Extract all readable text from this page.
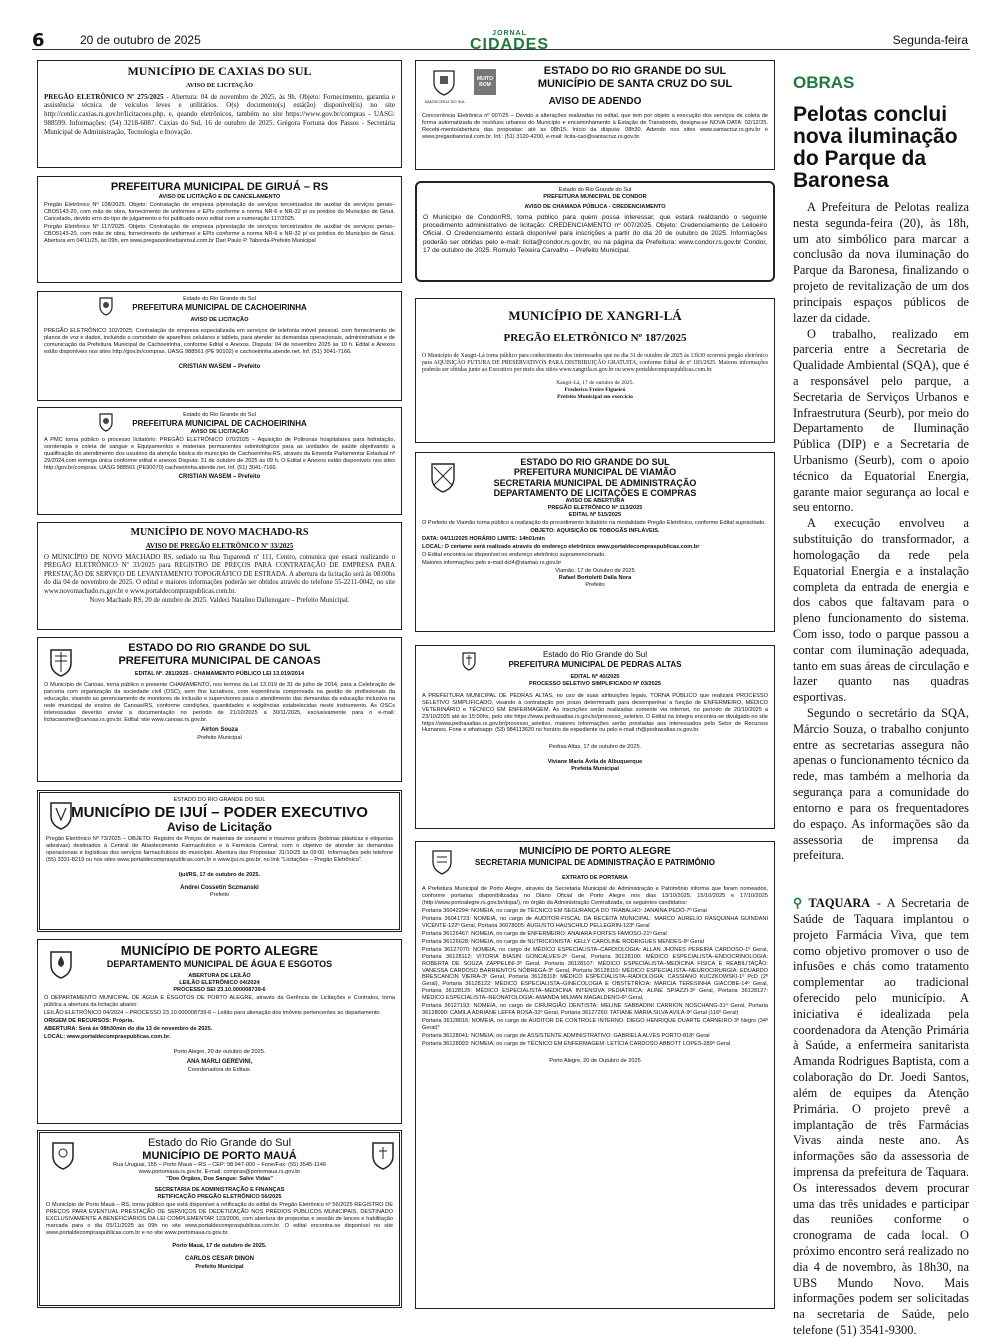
6	20 de outubro de 2025	JORNAL
CIDADES	Segunda-feira
MUNICÍPIO DE CAXIAS DO SUL
AVISO DE LICITAÇÃO

PREGÃO ELETRÔNICO Nº 275/2025 - Abertura: 04 de novembro de 2025, às 9h. Objeto: Fornecimento, garantia e assistência técnica de veículos leves e utilitários. O(s) documento(s) está(ão) disponível(is) no site http://cenlic.caxias.rs.gov.br/licitacoes.php, e, quando eletrônicos, também no site https://www.gov.br/compras - UASG: 988599. Informações: (54) 3218-6087. Caxias do Sul, 16 de outubro de 2025. Grégora Fortuna dos Passos - Secretária Municipal de Administração, Tecnologia e Inovação.

PREFEITURA MUNICIPAL DE GIRUÁ – RS
AVISO DE LICITAÇÃO E DE CANCELAMENTO

Pregão Eletrônico Nº 108/2025. Objeto: Contratação de empresa p/prestação de serviços terceirizados de auxiliar de serviços gerais–CBO5143-20, com mão de obra, fornecimento de uniformes e EPIs conforme a norma NR-6 e NR-32 p/ os prédios do Município de Giruá. Cancelado, devido erro do tipo de julgamento e foi publicado novo edital com a numeração 117/2025.

Pregão Eletrônico Nº 117/2025. Objeto: Contratação de empresa p/prestação de serviços terceirizados de auxiliar de serviços gerais–CBO5143-20, com mão de obra, fornecimento de uniformes e EPIs conforme a norma NR-6 e NR-32 p/ os prédios do Município de Giruá. Abertura em 04/11/25, às 09h, em www.pregaoonlinebanrisul.com.br Dari Paulo P. Taborda-Prefeito Municipal

Estado do Rio Grande do Sul
PREFEITURA MUNICIPAL DE CACHOEIRINHA
AVISO DE LICITAÇÃO

PREGÃO ELETRÔNICO 102/2025: Contratação de empresa especializada em serviços de telefonia móvel pessoal, com fornecimento de planos de voz e dados, incluindo o comodato de aparelhos celulares e tablets, para atender às demandas operacionais, administrativas e de comunicação da Prefeitura Municipal de Cachoeirinha, conforme Edital e Anexos. Disputa: 04 de novembro 2025 às 10 h. Edital e Anexos estão disponíveis nos sites http://gov.br/compras, UASG 988561 (PE 90102) e cachoeirinha.atende.net. Inf. (51) 3041-7166.

CRISTIAN WASEM – Prefeito
Estado do Rio Grande do Sul
PREFEITURA MUNICIPAL DE CACHOEIRINHA
AVISO DE LICITAÇÃO

A PMC torna público o processo licitatório: PREGÃO ELETRÔNICO 070/2025 – Aquisição de Poltronas hospitalares para hidratação, soroterapia e coleta de sangue e Equipamentos e materiais permanentes odontológicos para as unidades de saúde objetivando a qualificação do atendimento dos usuários da atenção básica do município de Cachoeirinha-RS, através da Emenda Parlamentar Estadual nº 29/2024,com entrega única conforme edital e anexos Disputa: 31 de outubro de 2025 às 09 h. O Edital e Anexos estão disponíveis nos sites http://gov.br/compras, UASG 988561 (PE90070) cachoeirinha.atende.net. Inf. (51) 3041-7166.

CRISTIAN WASEM – Prefeito
MUNICÍPIO DE NOVO MACHADO-RS
AVISO DE PREGÃO ELETRÔNICO Nº 33/2025

O MUNICÍPIO DE NOVO MACHADO RS, sediado na Rua Tuparendi nº 111, Centro, comunica que estará realizando o PREGÃO ELETRÔNICO Nº 33/2025 para REGISTRO DE PREÇOS PARA CONTRATAÇÃO DE EMPRESA PARA PRESTAÇÃO DE SERVIÇO DE LEVANTAMENTO TOPOGRÁFICO DE ESTRADA. A abertura da licitação será às 08:00hs do dia 04 de novembro de 2025. O edital e maiores informações poderão ser obtidos através do telefone 55-2211-0042, no site www.novomachado.rs.gov.br e www.portaldecompraspublicas.com.br.

Novo Machado RS, 20 de outubro de 2025. Valdeci Natalino Dallenogare – Prefeito Municipal.
ESTADO DO RIO GRANDE DO SUL
PREFEITURA MUNICIPAL DE CANOAS
EDITAL Nº. 281/2025 - CHAMAMENTO PÚBLICO LEI 13.019/2014

O Município de Canoas, torna público o presente CHAMAMENTO, nos termos da Lei 13.019 de 31 de julho de 2014, para a Celebração de parceria com organização da sociedade civil (OSC), sem fins lucrativos, com experiência comprovada na gestão de profissionais da educação, visando ao gerenciamento de monitores de inclusão e supervisores para o atendimento das demandas da educação inclusiva na rede municipal de ensino de Canoas/RS, conforme condições, quantidades e exigências estabelecidas neste instrumento. As OSCs interessadas deverão enviar a documentação no período de 21/10/2025 a 30/11/2025, exclusivamente para o e-mail: licitacaosme@canoas.rs.gov.br. Edital: site www.canoas.rs.gov.br.

Airton Souza
Prefeito Municipal
ESTADO DO RIO GRANDE DO SUL
MUNICÍPIO DE IJUÍ – PODER EXECUTIVO
Aviso de Licitação

Pregão Eletrônico Nº 73/2025 – OBJETO: Registro de Preços de materiais de consumo e insumos gráficos (bobinas plásticas e etiquetas adesivas) destinados à Central de Abastecimento Farmacêutico e à Farmácia Central, com o objetivo de atender às demandas operacionais e logísticas dos serviços farmacêuticos do município. Abertura das Propostas: 31/10/25 às 09:00. Informações pelo telefone (55) 3331-8219 ou nos sites www.portaldecompraspublicas.com.br e www.ijui.rs.gov.br, no link "Licitações – Pregão Eletrônico".

Ijuí/RS, 17 de outubro de 2025.
Andrei Cossetin Sczmanski
Prefeito
MUNICÍPIO DE PORTO ALEGRE
DEPARTAMENTO MUNICIPAL DE ÁGUA E ESGOTOS
ABERTURA DE LEILÃO
LEILÃO ELETRÔNICO 04/2024
PROCESSO SEI 23.10.000008739-6

O DEPARTAMENTO MUNICIPAL DE ÁGUA E ESGOTOS DE PORTO ALEGRE, através da Gerência de Licitações e Contratos, torna pública a abertura da licitação abaixo:

LEILÃO ELETRÔNICO 04/2024 – PROCESSO 23.10.000008739-6 – Leilão para alienação dos imóveis pertencentes ao departamento.

ORIGEM DE RECURSOS: Própria.

ABERTURA: Será às 08h30min do dia 13 de novembro de 2025.

LOCAL: www.portaldecompraspublicas.com.br.

Porto Alegre, 20 de outubro de 2025.
ANA MARLI GEREVINI,
Coordenadora de Editais.
Estado do Rio Grande do Sul
MUNICÍPIO DE PORTO MAUÁ
Rua Uruguai, 155 – Porto Mauá – RS – CEP: 98.947-000 – Fone/Fax: (55) 3545-1146
www.portomaua.rs.gov.br. E-mail: compras@portomaua.rs.gov.br
"Doe Órgãos, Doe Sangue: Salve Vidas"
SECRETARIA DE ADMINISTRAÇÃO E FINANÇAS
RETIFICAÇÃO PREGÃO ELETRÔNICO 56/2025

O Município de Porto Mauá – RS, torna público que está disponível a retificação do edital de Pregão Eletrônico nº 56/2025 REGISTRO DE PREÇOS PARA EVENTUAL PRESTAÇÃO DE SERVIÇOS DE DEDETIZAÇÃO NOS PRÉDIOS PÚBLICOS MUNICIPAIS, DESTINADO EXCLUSIVAMENTE A BENEFICIÁRIOS DA LEI COMPLEMENTAR 123/2006, com abertura de propostas e sessão de lances e habilitação marcada para o dia 05/11/2025 às 09h no site www.portaldecompraspublicas.com.br. O edital encontra-se disponível no site www.portaldecompraspublicas.com.br e no site www.portomaua.rs.gov.br.

Porto Mauá, 17 de outubro de 2025.
CARLOS CESAR DINON
Prefeito Municipal
SANTA CRUZ DO SUL
MUITO BOM
ESTADO DO RIO GRANDE DO SUL
MUNICÍPIO DE SANTA CRUZ DO SUL
AVISO DE ADENDO

Concorrência Eletrônica nº 007/25 – Devido a alterações realizadas no edital, que tem por objeto a execução dos serviços de coleta de forma automatizada de resíduos urbanos do Município e encaminhamento à Estação de Transbordo, designa-se NOVA DATA: 02/12/25. Recebi-mento/abertura das propostas: até as 08h15. Início da disputa: 08h30. Adendo nos sites www.santacruz.rs.gov.br e www.pregaobanrisul.com.br. Inf.: (51) 3120-4200, e-mail: licita-cao@santacruz.rs.gov.br.

Estado do Rio Grande do Sul
PREFEITURA MUNICIPAL DE CONDOR
AVISO DE CHAMADA PÚBLICA - CREDENCIAMENTO

O Município de Condor/RS, torna público para quem possa interessar, que estará realizando o seguinte procedimento administrativo de licitação: CREDENCIAMENTO nº 007/2025. Objeto: Credenciamento de Leiloeiro Oficial. O Credenciamento estará disponível para inscrições a partir do dia 20 de outubro de 2025. Informações poderão ser obtidas pelo e-mail: licita@condor.rs.gov.br, ou na página da Prefeitura: www.condor.rs.gov.br Condor, 17 de outubro de 2025. Romulo Teixeira Carvalho – Prefeito Municipal.

MUNICÍPIO DE XANGRI-LÁ
PREGÃO ELETRÔNICO Nº 187/2025

O Município de Xangri-Lá torna público para conhecimento dos interessados que no dia 31 de outubro de 2025 às 13h30 ocorrerá pregão eletrônico para AQUISIÇÃO FUTURA DE PRESERVATIVOS PARA DISTRIBUIÇÃO GRATUITA, conforme Edital de nº 183/2025. Maiores informações poderão ser obtidas junto ao Executivo por meio dos sitios www.xangrila.rs.gov.br ou www.portaldecompraspublicas.com.br.

Xangri-Lá, 17 de outubro de 2025.
Frederico Freire Figueiró
Prefeito Municipal em exercício
ESTADO DO RIO GRANDE DO SUL
PREFEITURA MUNICIPAL DE VIAMÃO
SECRETARIA MUNICIPAL DE ADMINISTRAÇÃO
DEPARTAMENTO DE LICITAÇÕES E COMPRAS
AVISO DE ABERTURA
PREGÃO ELETRÔNICO Nº 113/2025
EDITAL Nº 515/2025

O Prefeito de Viamão torna público a realização do procedimento licitatório na modalidade Pregão Eletrônico, conforme Edital supracitado.

OBJETO: AQUISIÇÃO DE TOBOGÃS INFLÁVEIS.

DATA: 04/11/2025 HORÁRIO LIMITE: 14h01min

LOCAL: O certame será realizado através do endereço eletrônico www.portaldecompraspublicas.com.br

O Edital encontra-se disponível no endereço eletrônico supramencionado.

Maiores informações pelo e-mail dcl4@viamao.rs.gov.br

Viamão, 17 de Outubro de 2025
Rafael Bortoletti Dalla Nora
Prefeito
Estado do Rio Grande do Sul
PREFEITURA MUNICIPAL DE PEDRAS ALTAS
EDITAL Nº 40/2025
PROCESSO SELETIVO SIMPLIFICADO Nº 03/2025

A PREFEITURA MUNICIPAL DE PEDRAS ALTAS, no uso de suas atribuições legais, TORNA PÚBLICO que realizará PROCESSO SELETIVO SIMPLIFICADO, visando à contratação por prazo determinado para desempenhar a função de ENFERMEIRO, MÉDICO VETERINÁRIO e TÉCNICO EM ENFERMAGEM. As inscrições serão realizadas somente via internet, no período de 20/10/2025 a 23/10/2025 até às 15:00hs, pelo site https://www.pedrasaltas.rs.gov.br/processo_seletivo. O Edital na íntegra encontra-se divulgado no site https://www.pedrasaltas.rs.gov.br/processo_seletivo, maiores informações serão prestadas aos interessados pelo Setor de Recursos Humanos, Fone e whatsapp: (53) 984113620 no horário de expediente ou pelo e-mail rh@pedrasaltas.rs.gov.br.

Pedras Altas, 17 de outubro de 2025.
Viviane Maria Ávila de Albuquerque
Prefeita Municipal
MUNICÍPIO DE PORTO ALEGRE
SECRETARIA MUNICIPAL DE ADMINISTRAÇÃO E PATRIMÔNIO
EXTRATO DE PORTARIA

A Prefeitura Municipal de Porto Alegre, através da Secretaria Municipal de Administração e Patrimônio informa que foram nomeados, conforme portarias disponibilizadas no Diário Oficial de Porto Alegre nos dias 13/10/2025, 15/10/2025 e 17/10/2025 (http://www.portoalegre.rs.gov.br/dopa/), no órgão da Administração Centralizada, os seguintes candidatos:

Portaria 36042294: NOMEIA, no cargo de TÉCNICO EM SEGURANÇA DO TRABALHO: JANAINA PEDÓ-7º Geral

Portaria 36041723: NOMEIA, no cargo de AUDITOR-FISCAL DA RECEITA MUNICIPAL: MARCO AURELIO RASQUINHA GUINDANI VICENTE-122º Geral, Portaria 36078005: AUGUSTO HAUSCHILD PELLEGRIN-123º Geral

Portaria 36126467: NOMEIA, no cargo de ENFERMEIRO: ANAIARA FORTES FAMOSO-21º Geral

Portaria 36126628: NOMEIA, no cargo de NUTRICIONISTA: KELLY CAROLINE RODRIGUES MENDES-9º Geral

Portaria 36127070: NOMEIA, no cargo de MÉDICO ESPECIALISTA–CARDIOLOGIA: ALLAN JHONES PEREIRA CARDOSO-1º Geral, Portaria 36128112: VITORIA BIASIN GONCALVES-2º Geral, Portaria 36128100: MÉDICO ESPECIALISTA–ENDOCRINOLOGIA: ROBERTA DE SOUZA ZAPPELINI-3º Geral, Portaria 36128107: MÉDICO ESPECIALISTA–MEDICINA FÍSICA E REABILITAÇÃO: VANESSA CARDOSO BARRIENTOS NÓBREGA-3º Geral, Portaria 36128110: MÉDICO ESPECIALISTA–NEUROCIRURGIA: EDUARDO BRESCANCIN VIEIRA-3º Geral, Portaria 36128118: MÉDICO ESPECIALISTA–RADIOLOGIA: CASSIANO KUCZKOWSKI-1º PcD (2º Geral), Portaria 36128122: MÉDICO ESPECIALISTA–GINECOLOGIA E OBSTETRÍCIA: MARCIA TERESINHA GIACOBE-14º Geral, Portaria 36128125: MÉDICO ESPECIALISTA–MEDICINA INTENSIVA PEDIÁTRICA: ALINE SPIAZZI-3º Geral, Portaria 36128127: MÉDICO ESPECIALISTA–NEONATOLOGIA: AMANDA MILMAN MAGALDENO-6º Geral,

Portaria 36127193: NOMEIA, no cargo de CIRURGIÃO DENTISTA: MELINE SABBADINI CARRION NOSCHANG-31º Geral, Portaria 36128090: CAMILA ADRIANE LEFFA ROSA-32º Geral, Portaria 36127260: TATIANE MARIA SILVA AVILA-9º Geral (116º Geral)

Portaria 36128016: NOMEIA, no cargo de AUDITOR DE CONTROLE INTERNO: DIEGO HENRIQUE DUARTE CARNEIRO-3º Negro (34º Geral)*

Portaria 36128041: NOMEIA, no cargo de ASSISTENTE ADMINISTRATIVO: GABRIELA ALVES PORTO-818º Geral

Portaria 36128093: NOMEIA, no cargo de TÉCNICO EM ENFERMAGEM: LETÍCIA CARDOSO ABBOTT LOPES-289º Geral

Porto Alegre, 20 de Outubro de 2025
OBRAS
Pelotas conclui nova iluminação do Parque da Baronesa

A Prefeitura de Pelotas realiza nesta segunda-feira (20), às 18h, um ato simbólico para marcar a conclusão da nova iluminação do Parque da Baronesa, finalizando o projeto de revitalização de um dos principais espaços públicos de lazer da cidade.

O trabalho, realizado em parceria entre a Secretaria de Qualidade Ambiental (SQA), que é a responsável pelo parque, a Secretaria de Serviços Urbanos e Infraestrutura (Seurb), por meio do Departamento de Iluminação Pública (DIP) e a Secretaria de Urbanismo (Seurb), com o apoio técnico da Equatorial Energia, garante maior segurança ao local e seu entorno.

A execução envolveu a substituição do transformador, a homologação da rede pela Equatorial Energia e a instalação completa da entrada de energia e dos cabos que faltavam para o pleno funcionamento do sistema. Com isso, todo o parque passou a contar com iluminação adequada, tanto em suas áreas de circulação e lazer quanto nas quadras esportivas.

Segundo o secretário da SQA, Márcio Souza, o trabalho conjunto entre as secretarias assegura não apenas o funcionamento técnico da rede, mas também a melhoria da segurança para a comunidade do entorno e para os frequentadores do espaço. As informações são da assessoria de imprensa da prefeitura.

⚲ TAQUARA - A Secretaria de Saúde de Taquara implantou o projeto Farmácia Viva, que tem como objetivo promover o uso de infusões e chás como tratamento complementar ao tradicional oferecido pelo município. A iniciativa é idealizada pela coordenadora da Atenção Primária à Saúde, a enfermeira sanitarista Amanda Rodrigues Baptista, com a colaboração do Dr. Joedi Santos, além de equipes da Atenção Primária. O projeto prevê a implantação de três Farmácias Vivas ainda neste ano. As informações são da assessoria de imprensa da prefeitura de Taquara. Os interessados devem procurar uma das três unidades e participar das reuniões conforme o cronograma de cada local. O próximo encontro será realizado no dia 4 de novembro, às 18h30, na UBS Mundo Novo. Mais informações podem ser solicitadas na secretaria de Saúde, pelo telefone (51) 3541-9300.
